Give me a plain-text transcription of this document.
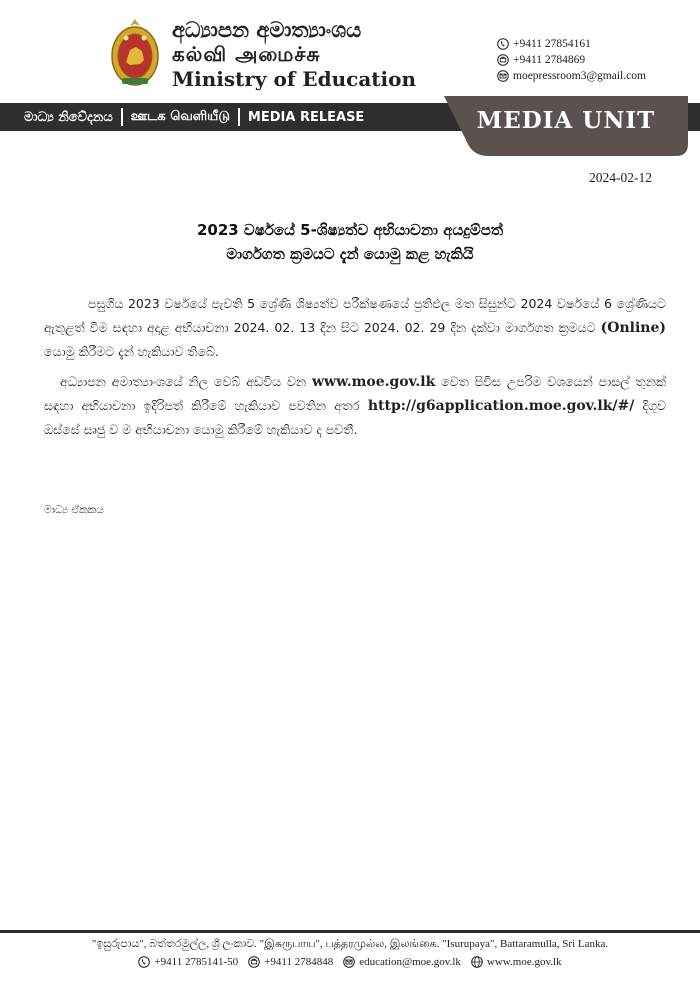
අධ්‍යාපන අමාත්‍යාංශය
கல்வி அமைச்சு
Ministry of Education
+9411 27854161
+9411 2784869
moepressroom3@gmail.com
මාධ්‍ය නිවේදනය ஊடக வெளியீடு MEDIA RELEASE	MEDIA UNIT
2024-02-12
2023 වර්ෂයේ 5-ශිෂ්‍යත්ව අභියාචනා අයදුම්පත්
මාර්ගගත ක්‍රමයට දැන් යොමු කළ හැකියි

පසුගිය 2023 වර්ෂයේ පැවති 5 ශ්‍රේණි ශිෂ්‍යත්ව පරීක්ෂණයේ ප්‍රතිඵල මත සිසුන්ට 2024 වර්ෂයේ 6 ශ්‍රේණියට ඇතුළත් වීම සඳහා අදාළ අභියාචනා 2024. 02. 13 දින සිට 2024. 02. 29 දින දක්වා මාර්ගගත ක්‍රමයට (Online) යොමු කිරීමට දැන් හැකියාව තිබේ.

අධ්‍යාපන අමාත්‍යාංශයේ නිල වෙබ් අඩවිය වන www.moe.gov.lk වෙත පිවිස උපරිම වශයෙන් පාසල් තුනක් සඳහා අභියාචනා ඉදිරිපත් කිරීමේ හැකියාව පවතින අතර http://g6application.moe.gov.lk/#/ දිගුව ඔස්සේ සෘජු ව ම අභියාචනා යොමු කිරීමේ හැකියාව ද පවතී.

මාධ්‍ය ඒකකය
"ඉසුරුපාය", බත්තරමුල්ල, ශ්‍රී ලංකාව. "இசுருபாய", பத்தரமுல்ல, இலங்கை. "Isurupaya", Battaramulla, Sri Lanka.
+9411 2785141-50 +9411 2784848 education@moe.gov.lk www.moe.gov.lk
